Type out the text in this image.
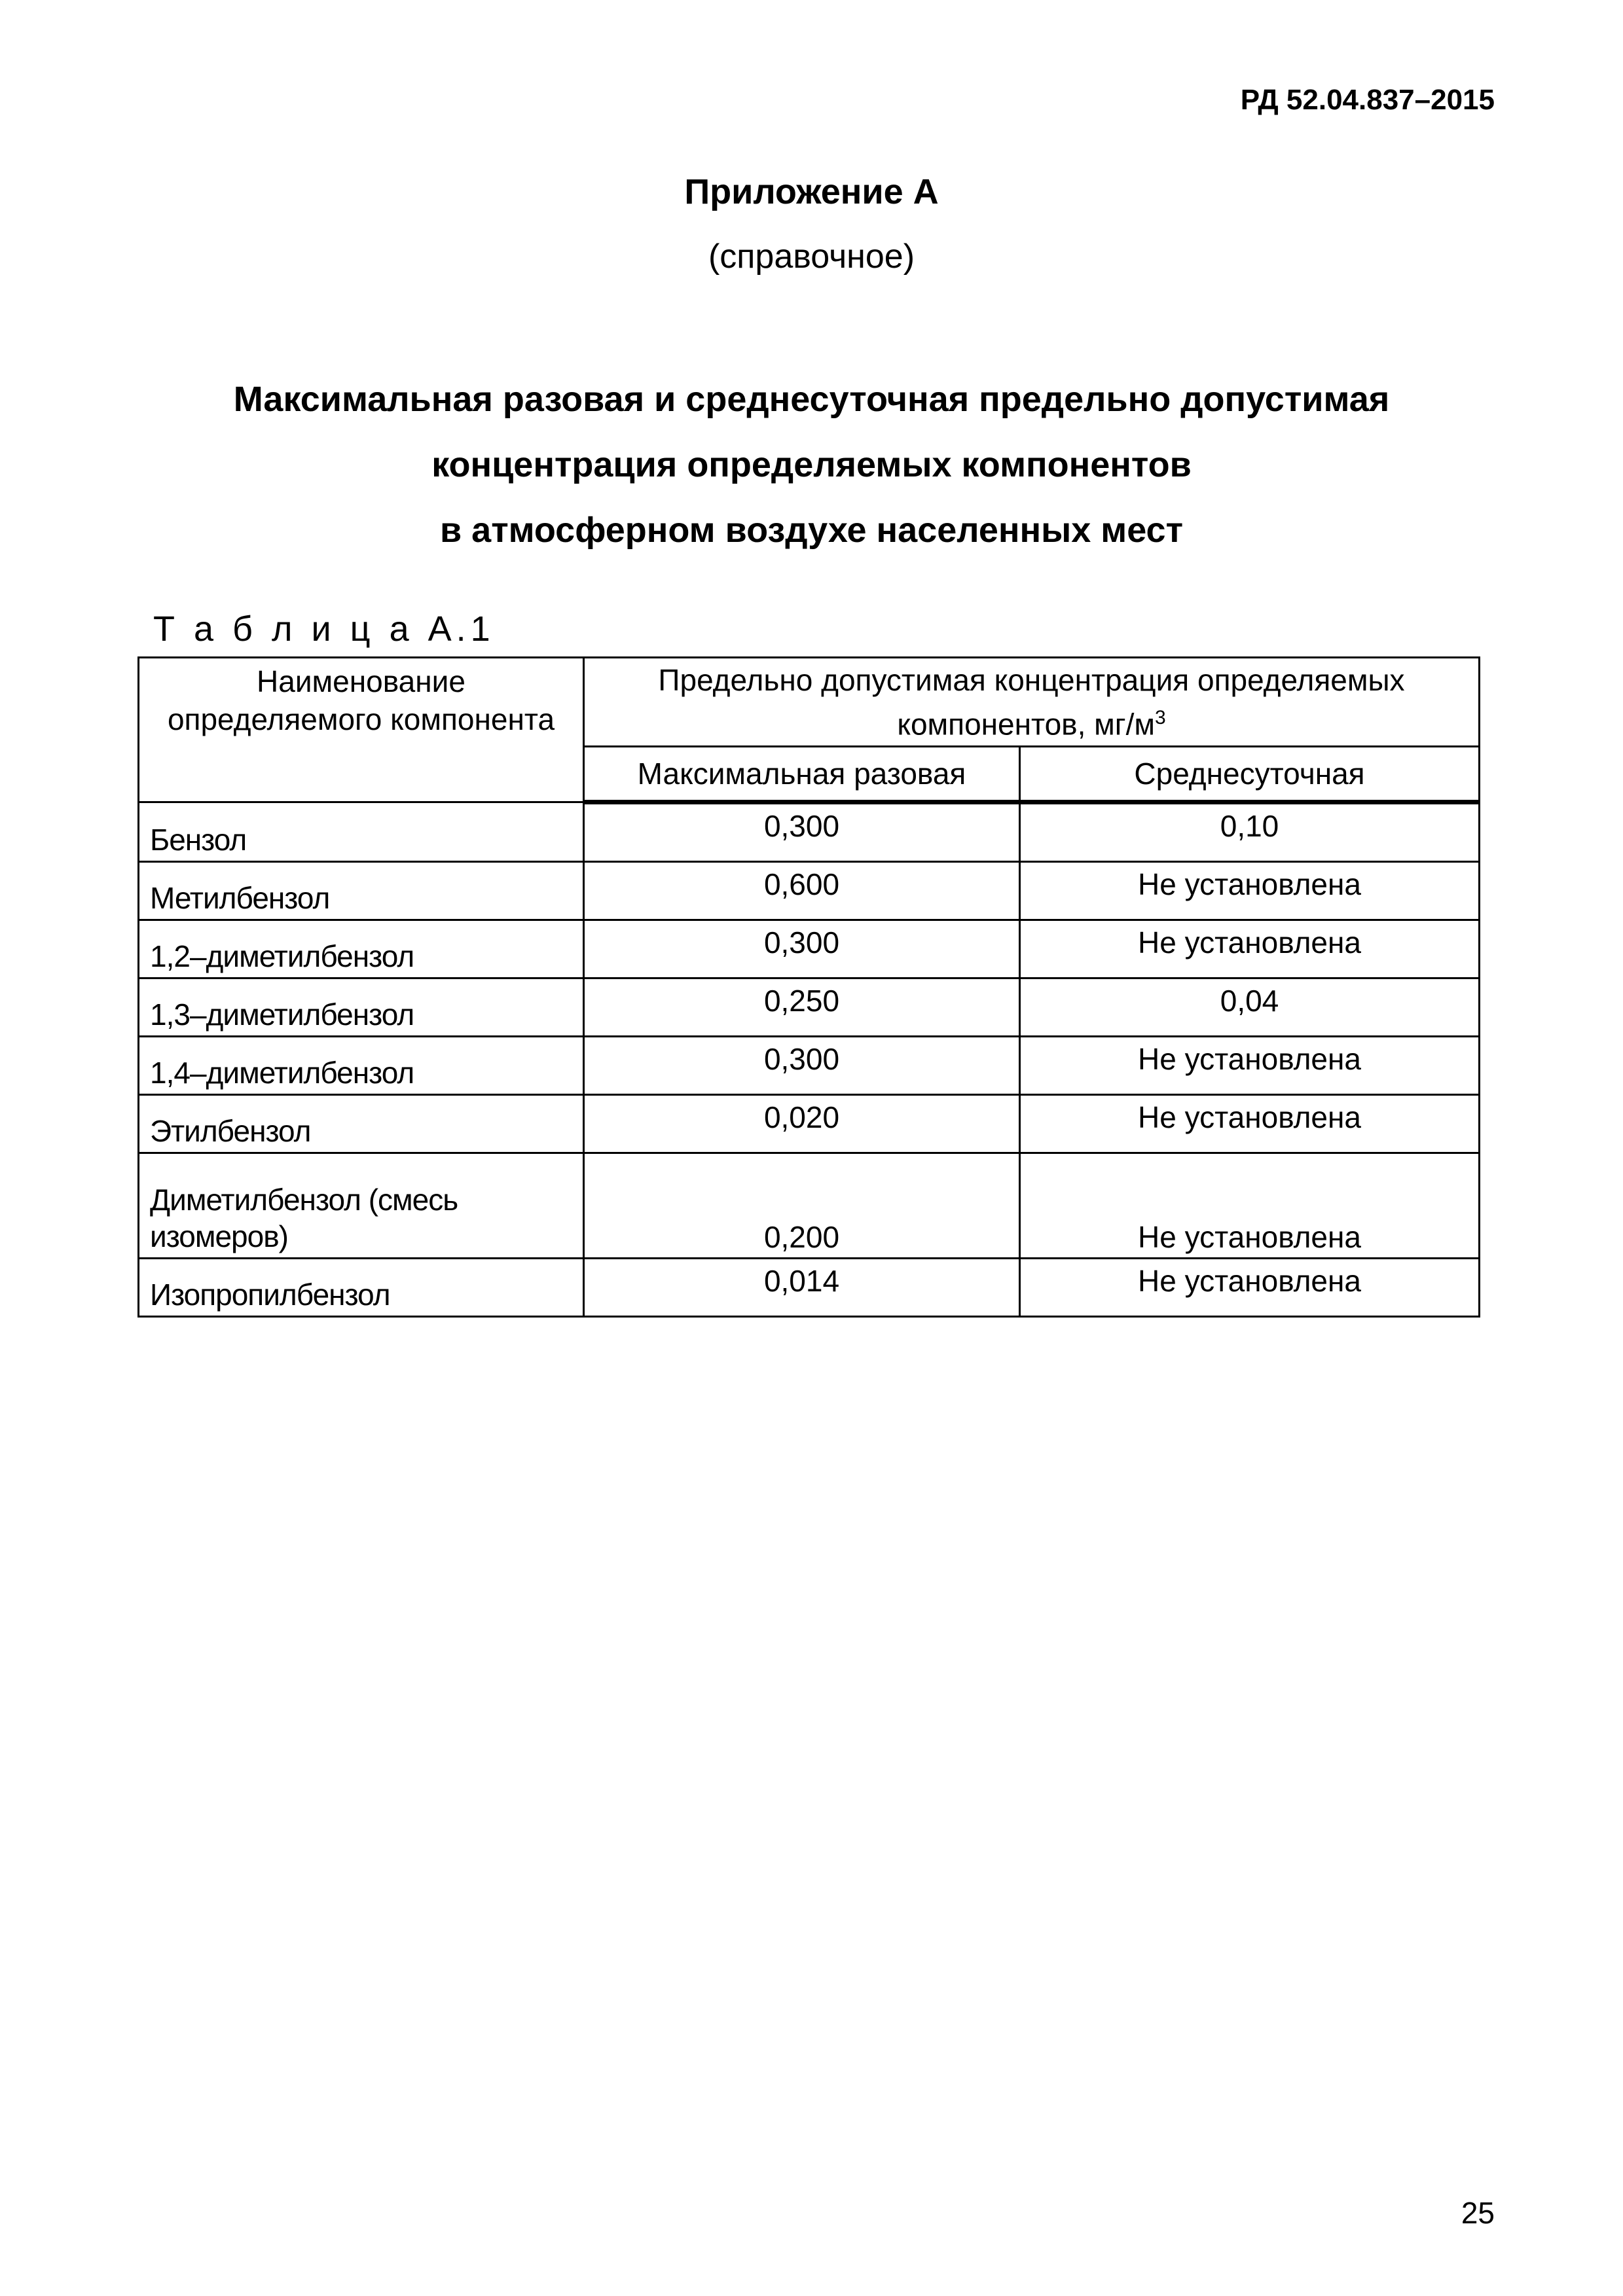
РД 52.04.837–2015
Приложение А
(справочное)
Максимальная разовая и среднесуточная предельно допустимая
концентрация определяемых компонентов
в атмосферном воздухе населенных мест
Т а б л и ц а А.1
Наименование определяемого компонента	Предельно допустимая концентрация определяемых компонентов, $мг/м^3$
	Максимальная разовая	Среднесуточная
Бензол	0,300	0,10
Метилбензол	0,600	Не установлена
1,2–диметилбензол	0,300	Не установлена
1,3–диметилбензол	0,250	0,04
1,4–диметилбензол	0,300	Не установлена
Этилбензол	0,020	Не установлена
Диметилбензол (смесь изомеров)	0,200	Не установлена
Изопропилбензол	0,014	Не установлена
25
